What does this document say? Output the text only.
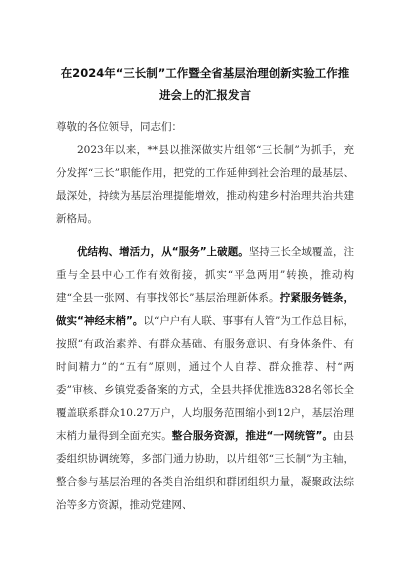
在2024年“三长制”工作暨全省基层治理创新实验工作推
进会上的汇报发言

尊敬的各位领导，同志们：

2023年以来，**县以推深做实片组邻“三长制”为抓手，充分发挥“三长”职能作用，把党的工作延伸到社会治理的最基层、最深处，持续为基层治理提能增效，推动构建乡村治理共治共建新格局。

优结构、增活力，从“服务”上破题。坚持三长全域覆盖，注重与全县中心工作有效衔接，抓实“平急两用”转换，推动构建“全县一张网、有事找邻长”基层治理新体系。拧紧服务链条，做实“神经末梢”。以“户户有人联、事事有人管”为工作总目标，按照“有政治素养、有群众基础、有服务意识、有身体条件、有时间精力”的“五有”原则，通过个人自荐、群众推荐、村“两委”审核、乡镇党委备案的方式，全县共择优推选8328名邻长全覆盖联系群众10.27万户，人均服务范围缩小到12户，基层治理末梢力量得到全面充实。整合服务资源，推进“一网统管”。由县委组织协调统筹，多部门通力协助，以片组邻“三长制”为主轴，整合参与基层治理的各类自治组织和群团组织力量，凝聚政法综治等多方资源，推动党建网、
